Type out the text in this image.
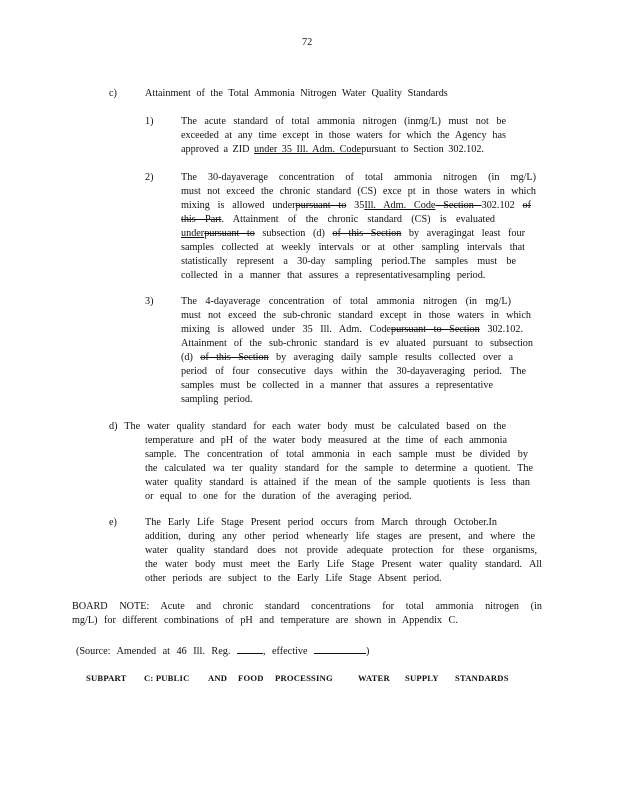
72
c)	Attainment of the Total Ammonia Nitrogen Water Quality Standards
1)	The acute standard of total ammonia nitrogen (inmg/L) must not be
exceeded at any time except in those waters for which the Agency has
approved a ZID under 35 Ill. Adm. Codepursuant to Section 302.102.
2)	The 30-dayaverage concentration of total ammonia nitrogen (in mg/L)
must not exceed the chronic standard (CS) exce pt in those waters in which
mixing is allowed underpursuant to 35Ill. Adm. Code Section 302.102 of
this Part. Attainment of the chronic standard (CS) is evaluated
underpursuant to subsection (d) of this Section by averagingat least four
samples collected at weekly intervals or at other sampling intervals that
statistically represent a 30-day sampling period.The samples must be
collected in a manner that assures a representativesampling period.
3)	The 4-dayaverage concentration of total ammonia nitrogen (in mg/L)
must not exceed the sub-chronic standard except in those waters in which
mixing is allowed under 35 Ill. Adm. Codepursuant to Section 302.102.
Attainment of the sub-chronic standard is ev aluated pursuant to subsection
(d) of this Section by averaging daily sample results collected over a
period of four consecutive days within the 30-dayaveraging period. The
samples must be collected in a manner that assures a representative
sampling period.
d) The water quality standard for each water body must be calculated based on the
temperature and pH of the water body measured at the time of each ammonia
sample. The concentration of total ammonia in each sample must be divided by
the calculated wa ter quality standard for the sample to determine a quotient. The
water quality standard is attained if the mean of the sample quotients is less than
or equal to one for the duration of the averaging period.
e)	The Early Life Stage Present period occurs from March through October.In
addition, during any other period whenearly life stages are present, and where the
water quality standard does not provide adequate protection for these organisms,
the water body must meet the Early Life Stage Present water quality standard. All
other periods are subject to the Early Life Stage Absent period.
BOARD NOTE: Acute and chronic standard concentrations for total ammonia nitrogen (in
mg/L) for different combinations of pH and temperature are shown in Appendix C.
(Source: Amended at 46 Ill. Reg.	, effective	)
SUBPART C: PUBLIC AND FOOD PROCESSING	WATER SUPPLY STANDARDS
